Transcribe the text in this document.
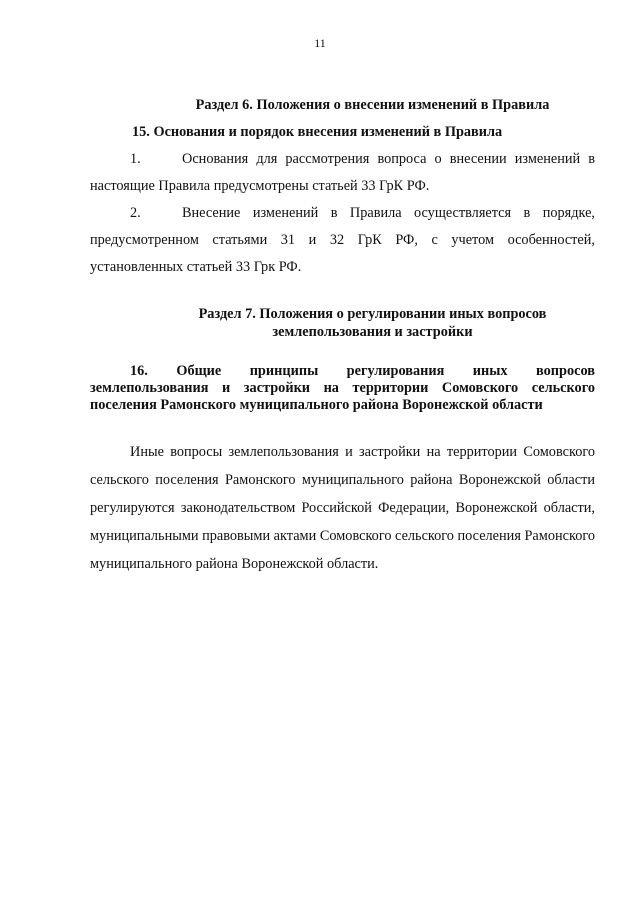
11

Раздел 6. Положения о внесении изменений в Правила

15. Основания и порядок внесения изменений в Правила

1.	Основания для рассмотрения вопроса о внесении изменений в настоящие Правила предусмотрены статьей 33 ГрК РФ.

2.	Внесение изменений в Правила осуществляется в порядке, предусмотренном статьями 31 и 32 ГрК РФ, с учетом особенностей, установленных статьей 33 Грк РФ.

Раздел 7. Положения о регулировании иных вопросов
землепользования и застройки

16. Общие принципы регулирования иных вопросов
землепользования и застройки на территории Сомовского сельского
поселения Рамонского муниципального района Воронежской области

Иные вопросы землепользования и застройки на территории Сомовского сельского поселения Рамонского муниципального района Воронежской области регулируются законодательством Российской Федерации, Воронежской области, муниципальными правовыми актами Сомовского сельского поселения Рамонского муниципального района Воронежской области.
